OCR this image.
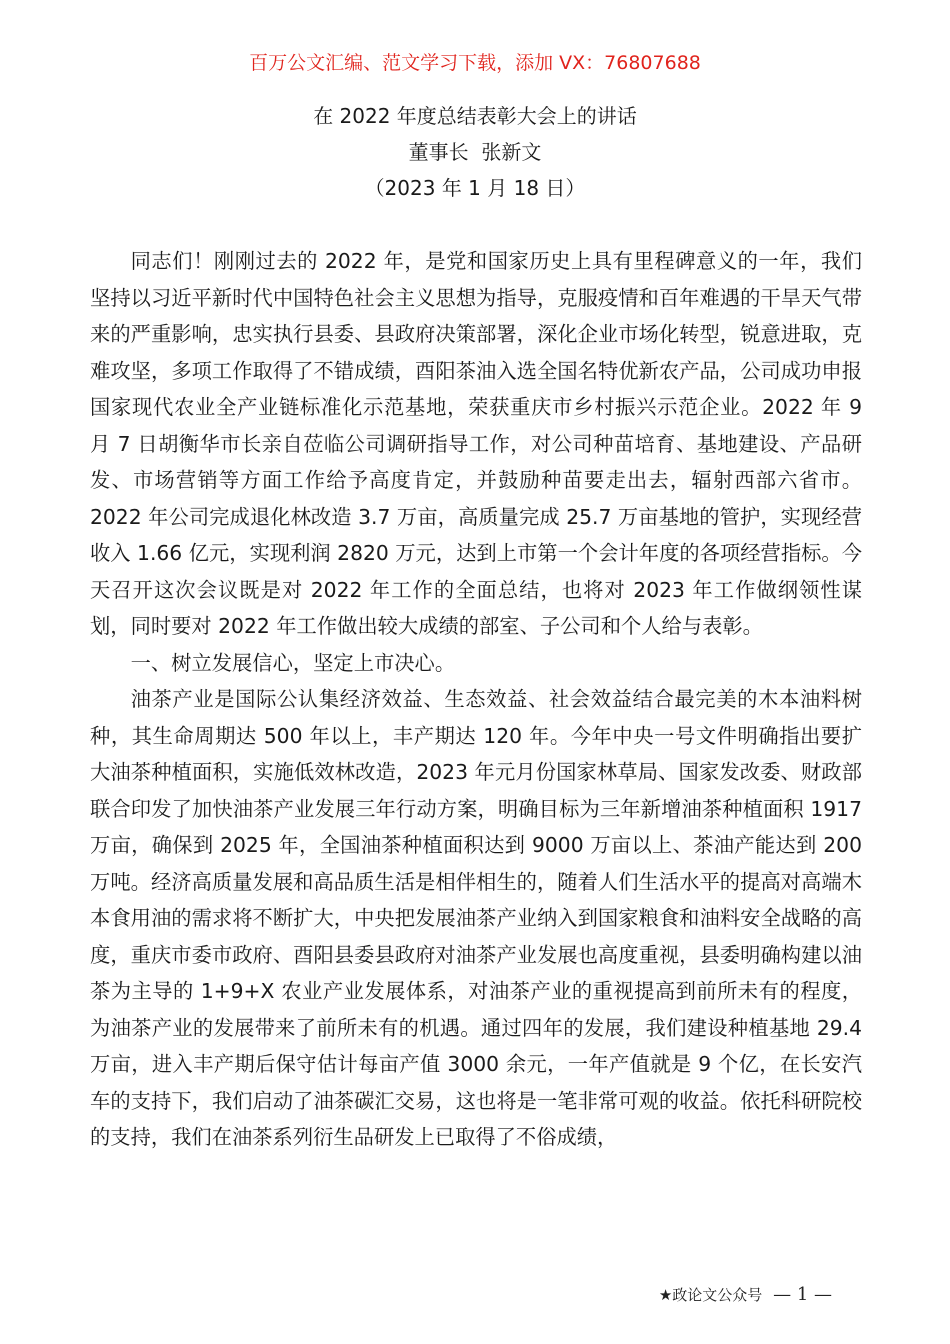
百万公文汇编、范文学习下载，添加 VX：76807688
在 2022 年度总结表彰大会上的讲话
董事长  张新文
（2023 年 1 月 18 日）

同志们！刚刚过去的 2022 年，是党和国家历史上具有里程碑意义的一年，我们坚持以习近平新时代中国特色社会主义思想为指导，克服疫情和百年难遇的干旱天气带来的严重影响，忠实执行县委、县政府决策部署，深化企业市场化转型，锐意进取，克难攻坚，多项工作取得了不错成绩，酉阳茶油入选全国名特优新农产品，公司成功申报国家现代农业全产业链标准化示范基地，荣获重庆市乡村振兴示范企业。2022 年 9 月 7 日胡衡华市长亲自莅临公司调研指导工作，对公司种苗培育、基地建设、产品研发、市场营销等方面工作给予高度肯定，并鼓励种苗要走出去，辐射西部六省市。2022 年公司完成退化林改造 3.7 万亩，高质量完成 25.7 万亩基地的管护，实现经营收入 1.66 亿元，实现利润 2820 万元，达到上市第一个会计年度的各项经营指标。今天召开这次会议既是对 2022 年工作的全面总结，也将对 2023 年工作做纲领性谋划，同时要对 2022 年工作做出较大成绩的部室、子公司和个人给与表彰。

一、树立发展信心，坚定上市决心。

油茶产业是国际公认集经济效益、生态效益、社会效益结合最完美的木本油料树种，其生命周期达 500 年以上，丰产期达 120 年。今年中央一号文件明确指出要扩大油茶种植面积，实施低效林改造，2023 年元月份国家林草局、国家发改委、财政部联合印发了加快油茶产业发展三年行动方案，明确目标为三年新增油茶种植面积 1917 万亩，确保到 2025 年，全国油茶种植面积达到 9000 万亩以上、茶油产能达到 200 万吨。经济高质量发展和高品质生活是相伴相生的，随着人们生活水平的提高对高端木本食用油的需求将不断扩大，中央把发展油茶产业纳入到国家粮食和油料安全战略的高度，重庆市委市政府、酉阳县委县政府对油茶产业发展也高度重视，县委明确构建以油茶为主导的 1+9+X 农业产业发展体系，对油茶产业的重视提高到前所未有的程度，为油茶产业的发展带来了前所未有的机遇。通过四年的发展，我们建设种植基地 29.4 万亩，进入丰产期后保守估计每亩产值 3000 余元，一年产值就是 9 个亿，在长安汽车的支持下，我们启动了油茶碳汇交易，这也将是一笔非常可观的收益。依托科研院校的支持，我们在油茶系列衍生品研发上已取得了不俗成绩，

★政论文公众号 — 1 —
